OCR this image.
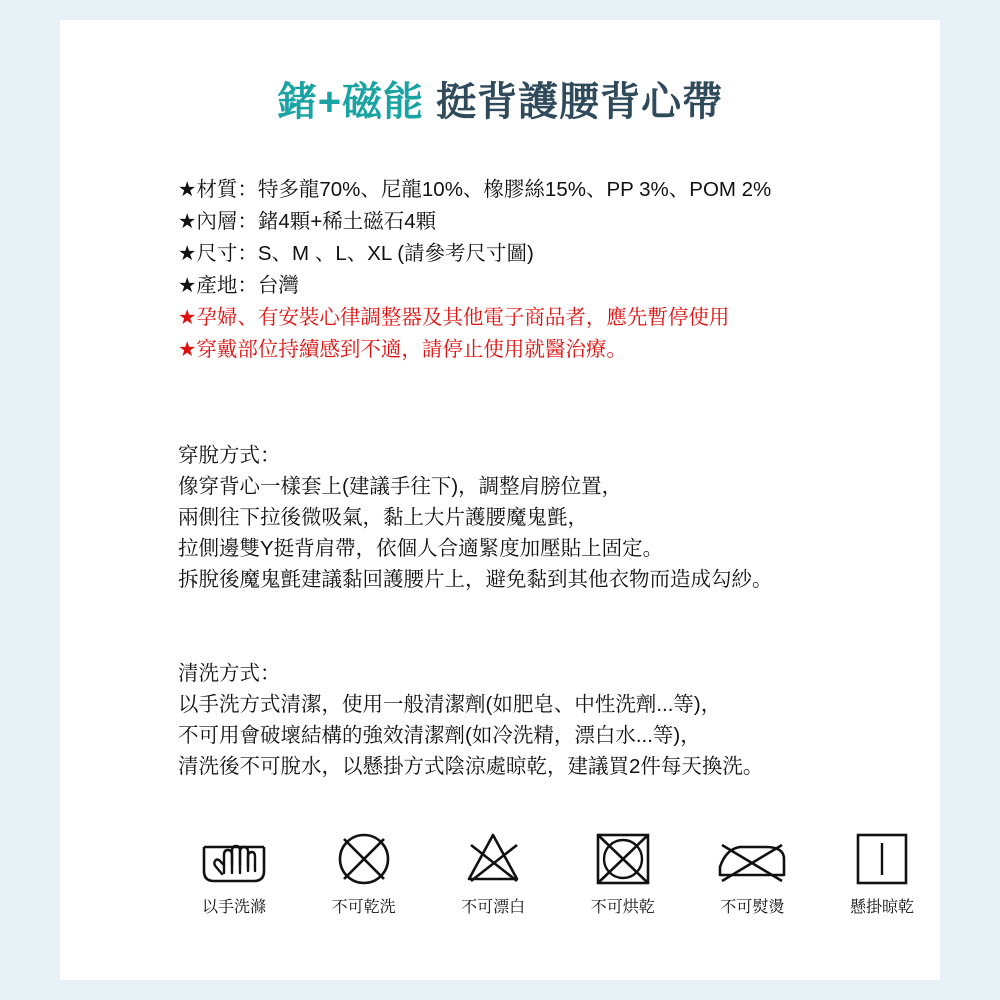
鍺+磁能 挺背護腰背心帶
★材質：特多龍70%、尼龍10%、橡膠絲15%、PP 3%、POM 2%
★內層：鍺4顆+稀土磁石4顆
★尺寸：S、M 、L、XL (請參考尺寸圖)
★產地：台灣
★孕婦、有安裝心律調整器及其他電子商品者，應先暫停使用
★穿戴部位持續感到不適，請停止使用就醫治療。
穿脫方式：
像穿背心一樣套上(建議手往下)，調整肩膀位置，
兩側往下拉後微吸氣，黏上大片護腰魔鬼氈，
拉側邊雙Y挺背肩帶，依個人合適緊度加壓貼上固定。
拆脫後魔鬼氈建議黏回護腰片上，避免黏到其他衣物而造成勾紗。
清洗方式：
以手洗方式清潔，使用一般清潔劑(如肥皂、中性洗劑...等)，
不可用會破壞結構的強效清潔劑(如冷洗精，漂白水...等)，
清洗後不可脫水，以懸掛方式陰涼處晾乾，建議買2件每天換洗。
以手洗滌	不可乾洗	不可漂白	不可烘乾	不可熨燙	懸掛晾乾
